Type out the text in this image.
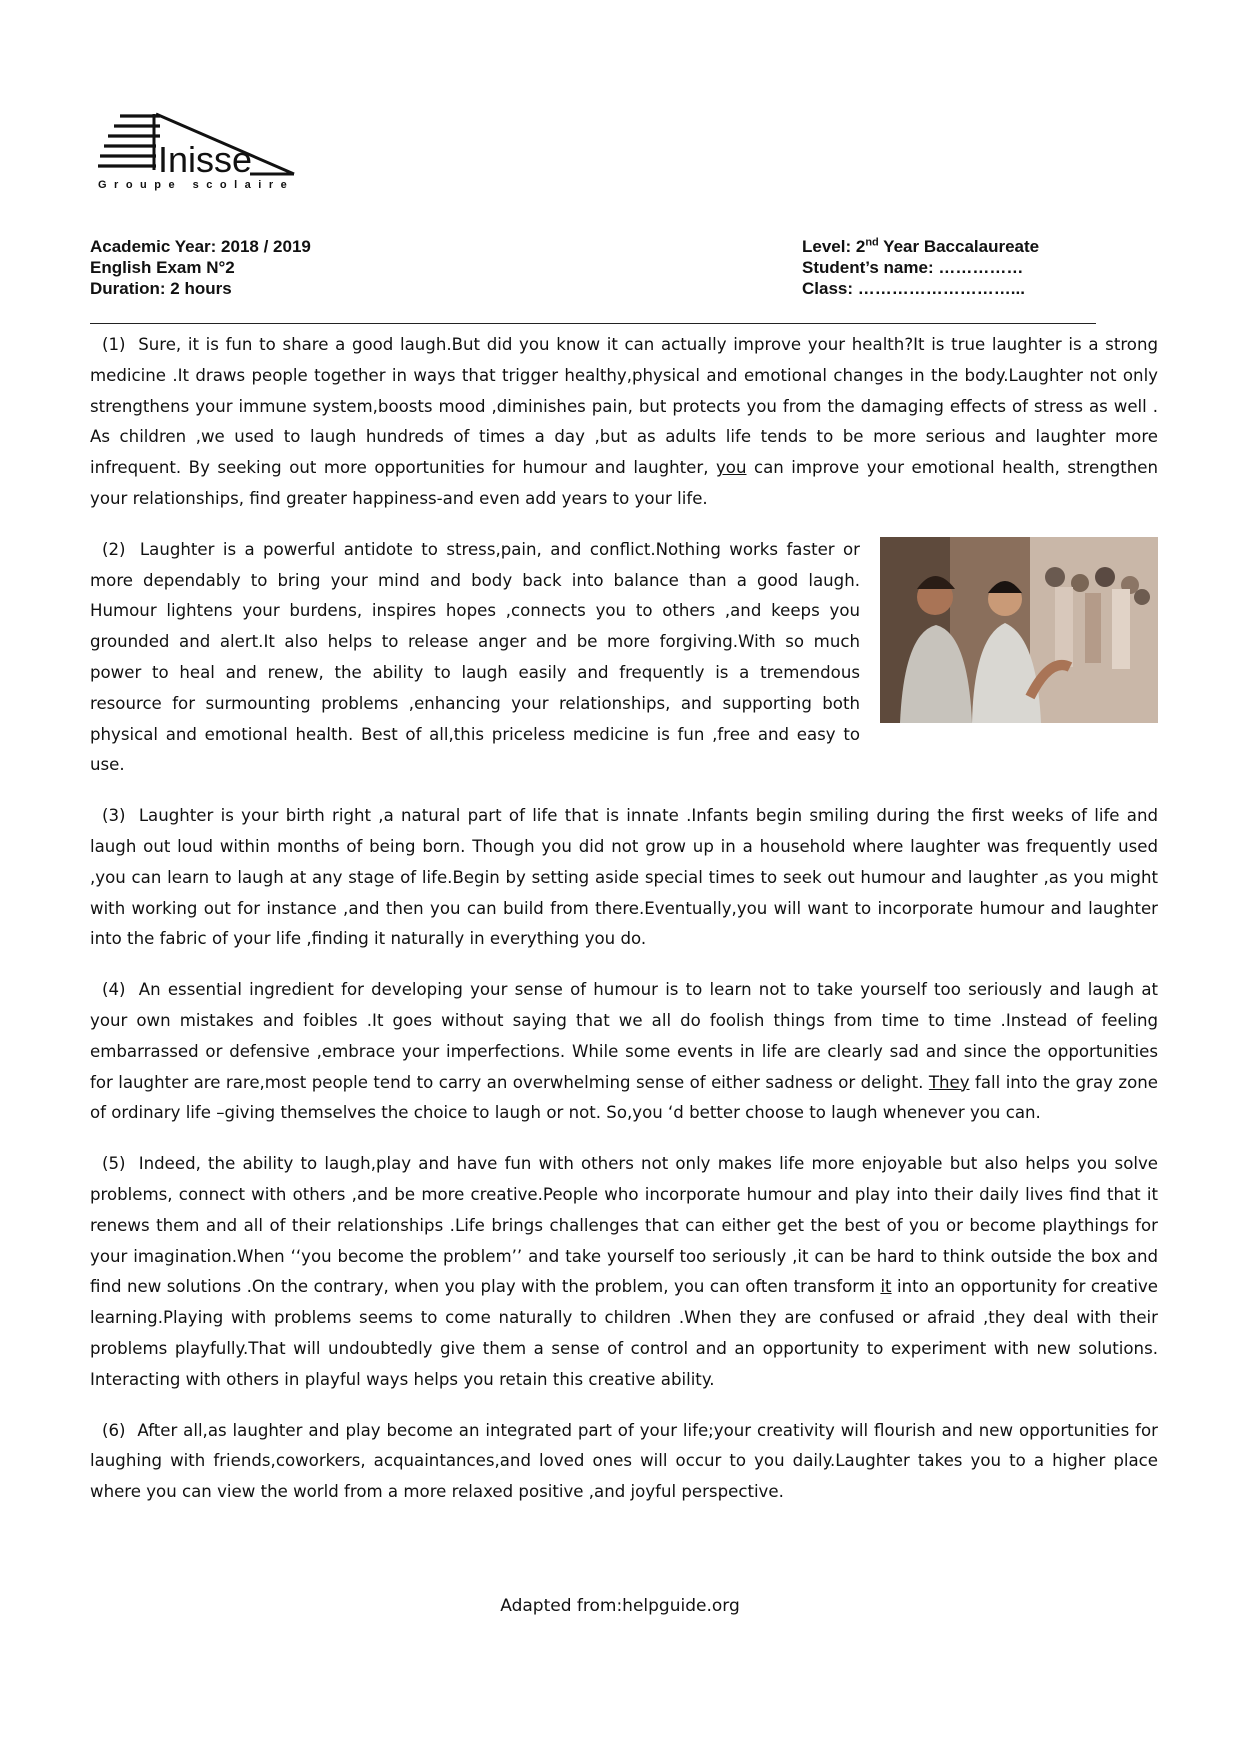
Inisse
Groupe scolaire
Academic Year: 2018 / 2019
English Exam N°2
Duration: 2 hours
Level: 2nd Year Baccalaureate
Student’s name: ……………
Class: ………………………...

(1) Sure, it is fun to share a good laugh.But did you know it can actually improve your health?It is true laughter is a strong medicine .It draws people together in ways that trigger healthy,physical and emotional changes in the body.Laughter not only strengthens your immune system,boosts mood ,diminishes pain, but protects you from the damaging effects of stress as well . As children ,we used to laugh hundreds of times a day ,but as adults life tends to be more serious and laughter more infrequent. By seeking out more opportunities for humour and laughter, you can improve your emotional health, strengthen your relationships, find greater happiness-and even add years to your life.

(2) Laughter is a powerful antidote to stress,pain, and conflict.Nothing works faster or more dependably to bring your mind and body back into balance than a good laugh. Humour lightens your burdens, inspires hopes ,connects you to others ,and keeps you grounded and alert.It also helps to release anger and be more forgiving.With so much power to heal and renew, the ability to laugh easily and frequently is a tremendous resource for surmounting problems ,enhancing your relationships, and supporting both physical and emotional health. Best of all,this priceless medicine is fun ,free and easy to use.

(3) Laughter is your birth right ,a natural part of life that is innate .Infants begin smiling during the first weeks of life and laugh out loud within months of being born. Though you did not grow up in a household where laughter was frequently used ,you can learn to laugh at any stage of life.Begin by setting aside special times to seek out humour and laughter ,as you might with working out for instance ,and then you can build from there.Eventually,you will want to incorporate humour and laughter into the fabric of your life ,finding it naturally in everything you do.

(4) An essential ingredient for developing your sense of humour is to learn not to take yourself too seriously and laugh at your own mistakes and foibles .It goes without saying that we all do foolish things from time to time .Instead of feeling embarrassed or defensive ,embrace your imperfections. While some events in life are clearly sad and since the opportunities for laughter are rare,most people tend to carry an overwhelming sense of either sadness or delight. They fall into the gray zone of ordinary life –giving themselves the choice to laugh or not. So,you ‘d better choose to laugh whenever you can.

(5) Indeed, the ability to laugh,play and have fun with others not only makes life more enjoyable but also helps you solve problems, connect with others ,and be more creative.People who incorporate humour and play into their daily lives find that it renews them and all of their relationships .Life brings challenges that can either get the best of you or become playthings for your imagination.When ‘‘you become the problem’’ and take yourself too seriously ,it can be hard to think outside the box and find new solutions .On the contrary, when you play with the problem, you can often transform it into an opportunity for creative learning.Playing with problems seems to come naturally to children .When they are confused or afraid ,they deal with their problems playfully.That will undoubtedly give them a sense of control and an opportunity to experiment with new solutions. Interacting with others in playful ways helps you retain this creative ability.

(6) After all,as laughter and play become an integrated part of your life;your creativity will flourish and new opportunities for laughing with friends,coworkers, acquaintances,and loved ones will occur to you daily.Laughter takes you to a higher place where you can view the world from a more relaxed positive ,and joyful perspective.

Adapted from:helpguide.org
